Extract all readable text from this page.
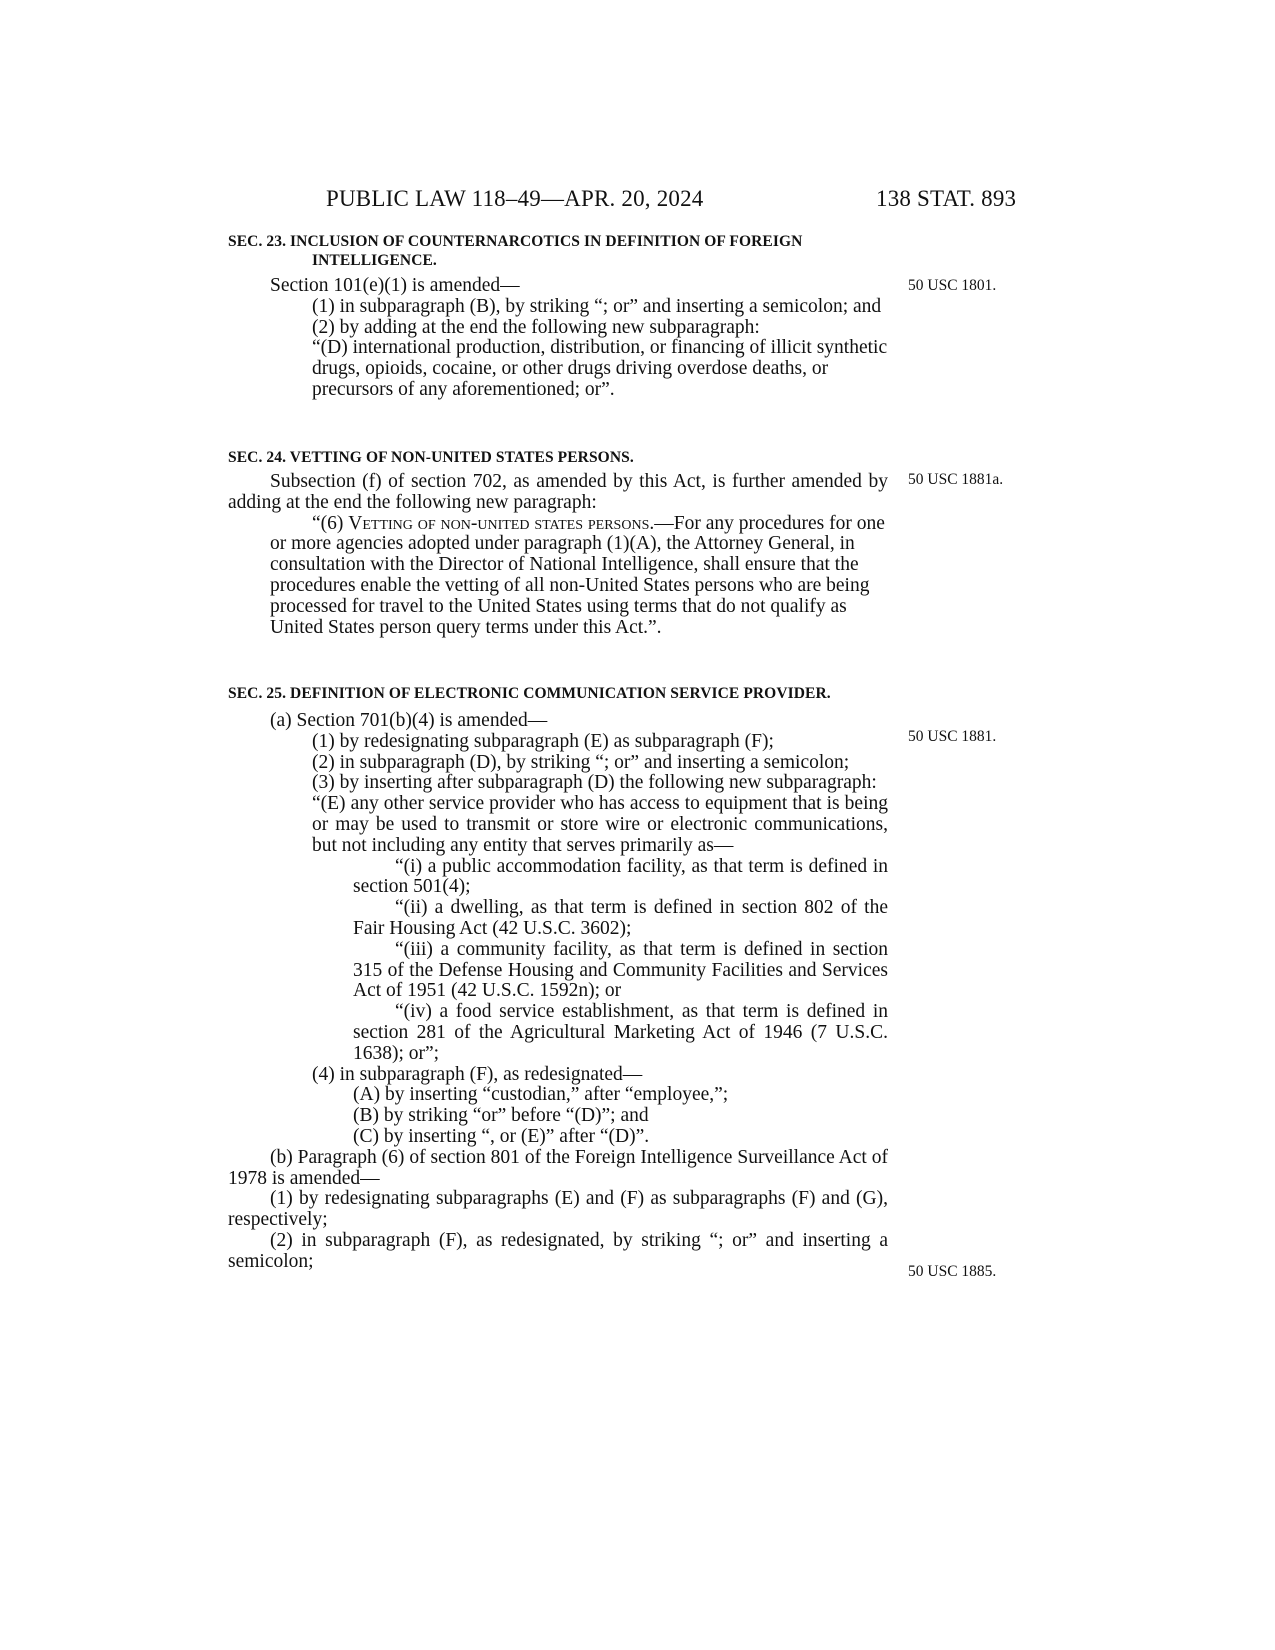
PUBLIC LAW 118–49—APR. 20, 2024	138 STAT. 893

SEC. 23. INCLUSION OF COUNTERNARCOTICS IN DEFINITION OF FOREIGN INTELLIGENCE.

Section 101(e)(1) is amended—

(1) in subparagraph (B), by striking “; or” and inserting a semicolon; and

(2) by adding at the end the following new subparagraph:

“(D) international production, distribution, or financing of illicit synthetic drugs, opioids, cocaine, or other drugs driving overdose deaths, or precursors of any aforementioned; or”.

SEC. 24. VETTING OF NON-UNITED STATES PERSONS.

Subsection (f) of section 702, as amended by this Act, is further amended by adding at the end the following new paragraph:

“(6) Vetting of non-united states persons.—For any procedures for one or more agencies adopted under paragraph (1)(A), the Attorney General, in consultation with the Director of National Intelligence, shall ensure that the procedures enable the vetting of all non-United States persons who are being processed for travel to the United States using terms that do not qualify as United States person query terms under this Act.”.

SEC. 25. DEFINITION OF ELECTRONIC COMMUNICATION SERVICE PROVIDER.

(a) Section 701(b)(4) is amended—

(1) by redesignating subparagraph (E) as subparagraph (F);

(2) in subparagraph (D), by striking “; or” and inserting a semicolon;

(3) by inserting after subparagraph (D) the following new subparagraph:

“(E) any other service provider who has access to equipment that is being or may be used to transmit or store wire or electronic communications, but not including any entity that serves primarily as—

“(i) a public accommodation facility, as that term is defined in section 501(4);

“(ii) a dwelling, as that term is defined in section 802 of the Fair Housing Act (42 U.S.C. 3602);

“(iii) a community facility, as that term is defined in section 315 of the Defense Housing and Community Facilities and Services Act of 1951 (42 U.S.C. 1592n); or

“(iv) a food service establishment, as that term is defined in section 281 of the Agricultural Marketing Act of 1946 (7 U.S.C. 1638); or”;

(4) in subparagraph (F), as redesignated—

(A) by inserting “custodian,” after “employee,”;

(B) by striking “or” before “(D)”; and

(C) by inserting “, or (E)” after “(D)”.

(b) Paragraph (6) of section 801 of the Foreign Intelligence Surveillance Act of 1978 is amended—

(1) by redesignating subparagraphs (E) and (F) as subparagraphs (F) and (G), respectively;

(2) in subparagraph (F), as redesignated, by striking “; or” and inserting a semicolon;

50 USC 1801.
50 USC 1881a.
50 USC 1881.
50 USC 1885.
